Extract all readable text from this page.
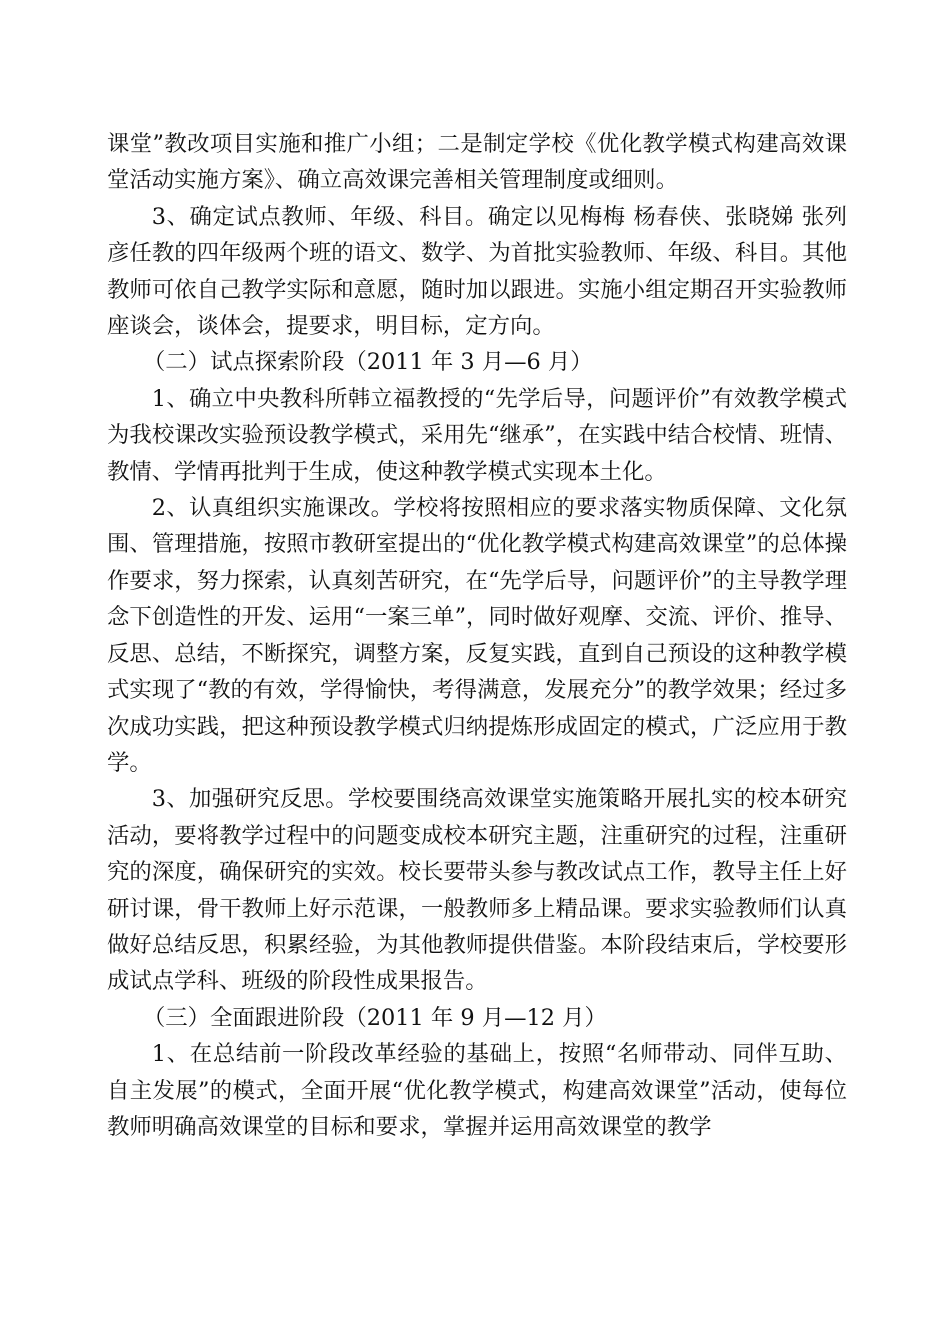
课堂”教改项目实施和推广小组；二是制定学校《优化教学模式构建高效课堂活动实施方案》、确立高效课完善相关管理制度或细则。

3、确定试点教师、年级、科目。确定以见梅梅 杨春侠、张晓娣 张列彦任教的四年级两个班的语文、数学、为首批实验教师、年级、科目。其他教师可依自己教学实际和意愿，随时加以跟进。实施小组定期召开实验教师座谈会，谈体会，提要求，明目标，定方向。

（二）试点探索阶段（2011 年 3 月—6 月）

1、确立中央教科所韩立福教授的“先学后导，问题评价”有效教学模式为我校课改实验预设教学模式，采用先“继承”，在实践中结合校情、班情、教情、学情再批判于生成，使这种教学模式实现本土化。

2、认真组织实施课改。学校将按照相应的要求落实物质保障、文化氛围、管理措施，按照市教研室提出的“优化教学模式构建高效课堂”的总体操作要求，努力探索，认真刻苦研究，在“先学后导，问题评价”的主导教学理念下创造性的开发、运用“一案三单”，同时做好观摩、交流、评价、推导、反思、总结，不断探究，调整方案，反复实践，直到自己预设的这种教学模式实现了“教的有效，学得愉快，考得满意，发展充分”的教学效果；经过多次成功实践，把这种预设教学模式归纳提炼形成固定的模式，广泛应用于教学。

3、加强研究反思。学校要围绕高效课堂实施策略开展扎实的校本研究活动，要将教学过程中的问题变成校本研究主题，注重研究的过程，注重研究的深度，确保研究的实效。校长要带头参与教改试点工作，教导主任上好研讨课，骨干教师上好示范课，一般教师多上精品课。要求实验教师们认真做好总结反思，积累经验，为其他教师提供借鉴。本阶段结束后，学校要形成试点学科、班级的阶段性成果报告。

（三）全面跟进阶段（2011 年 9 月—12 月）

1、在总结前一阶段改革经验的基础上，按照“名师带动、同伴互助、自主发展”的模式，全面开展“优化教学模式，构建高效课堂”活动，使每位教师明确高效课堂的目标和要求，掌握并运用高效课堂的教学
